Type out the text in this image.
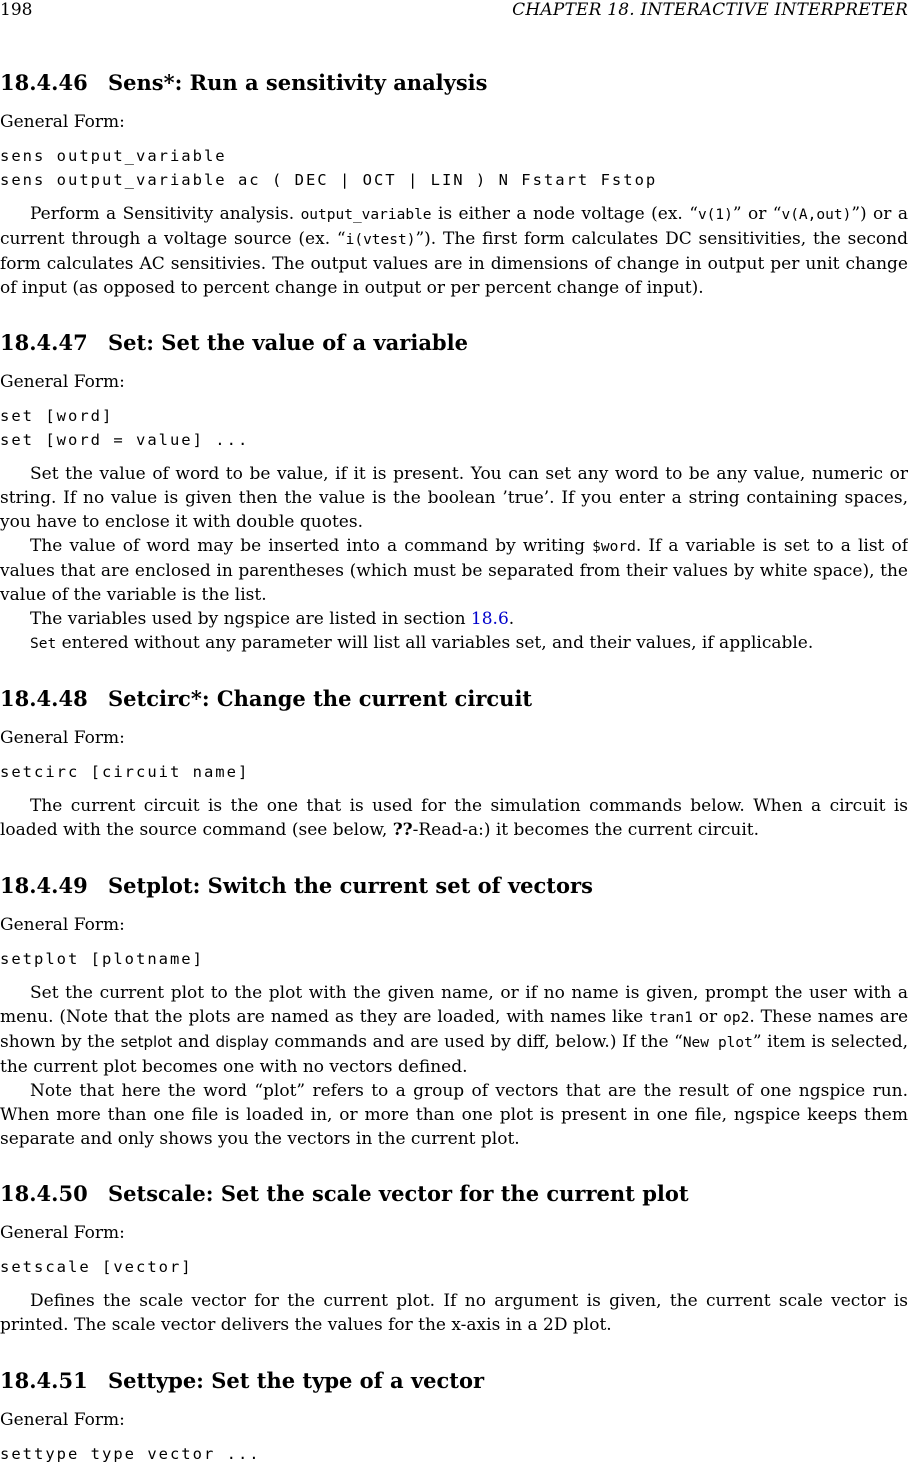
198	CHAPTER 18. INTERACTIVE INTERPRETER
18.4.46 Sens*: Run a sensitivity analysis
General Form:
sens output_variable
sens output_variable ac ( DEC | OCT | LIN ) N Fstart Fstop

Perform a Sensitivity analysis. output_variable is either a node voltage (ex. “v(1)” or “v(A,out)”) or a current through a voltage source (ex. “i(vtest)”). The first form calculates DC sensitivities, the second form calculates AC sensitivies. The output values are in dimensions of change in output per unit change of input (as opposed to percent change in output or per percent change of input).

18.4.47 Set: Set the value of a variable
General Form:
set [word]
set [word = value] ...

Set the value of word to be value, if it is present. You can set any word to be any value, numeric or string. If no value is given then the value is the boolean ’true’. If you enter a string containing spaces, you have to enclose it with double quotes.

The value of word may be inserted into a command by writing $word. If a variable is set to a list of values that are enclosed in parentheses (which must be separated from their values by white space), the value of the variable is the list.

The variables used by ngspice are listed in section 18.6.

Set entered without any parameter will list all variables set, and their values, if applicable.

18.4.48 Setcirc*: Change the current circuit
General Form:
setcirc [circuit name]

The current circuit is the one that is used for the simulation commands below. When a circuit is loaded with the source command (see below, ??-Read-a:) it becomes the current circuit.

18.4.49 Setplot: Switch the current set of vectors
General Form:
setplot [plotname]

Set the current plot to the plot with the given name, or if no name is given, prompt the user with a menu. (Note that the plots are named as they are loaded, with names like tran1 or op2. These names are shown by the setplot and display commands and are used by diff, below.) If the “New plot” item is selected, the current plot becomes one with no vectors defined.

Note that here the word “plot” refers to a group of vectors that are the result of one ngspice run. When more than one file is loaded in, or more than one plot is present in one file, ngspice keeps them separate and only shows you the vectors in the current plot.

18.4.50 Setscale: Set the scale vector for the current plot
General Form:
setscale [vector]

Defines the scale vector for the current plot. If no argument is given, the current scale vector is printed. The scale vector delivers the values for the x-axis in a 2D plot.

18.4.51 Settype: Set the type of a vector
General Form:
settype type vector ...
